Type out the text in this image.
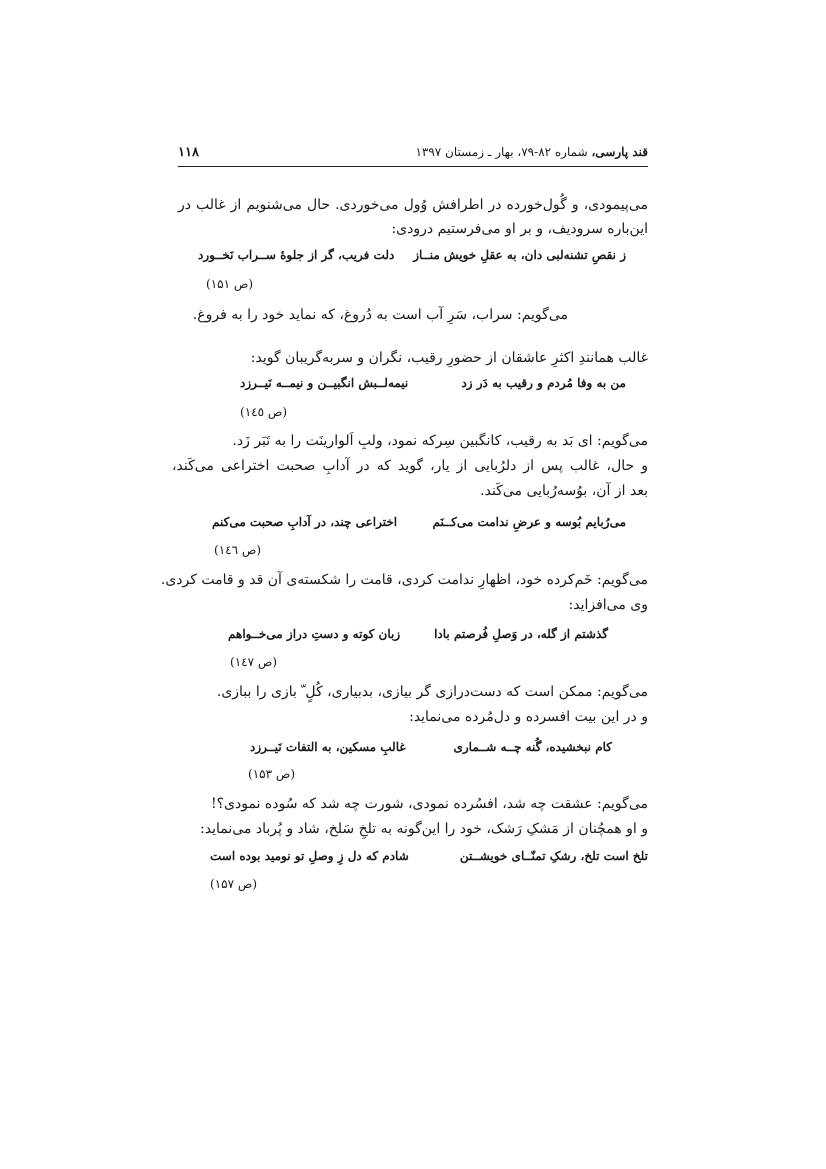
قند پارسی، شماره ۸۲-۷۹، بهار ـ زمستان ۱۳۹۷
۱۱۸
می‌پیمودی، و گُول‌خورده در اطرافش وُول می‌خوردی. حال می‌شنویم از غالب در
این‌باره سرودیف، و بر او می‌فرستیم درودی:
ز نقصِ تشنه‌لبی دان، به عقلِ خویش منــاز
دلت فریب، گر از جلوهٔ ســراب نَخــورد
(ص ۱۵۱)
می‌گویم: سراب، سَرِ آب است به دُروغ، که نماید خود را به فروغ.
غالب همانندِ اکثرِ عاشقان از حضورِ رقیب، نگران و سربه‌گریبان گوید:
من به وفا مُردم و رقیب به دَر زد
نیمه‌لــبش انگبیــن و نیمــه نَیــرزد
(ص ۱٤٥)
می‌گویم: ای بَد به رقیب، کانگبین سِرکه نمود، ولبِ اَلوارینَت را به تَبَر زَد.
و حال، غالب پس از دلرُبایی از یار، گوید که در آدابِ صحبت اختراعی می‌کَند،
بعد از آن، بوُسه‌رُبایی می‌کَند.
می‌رُبایم بُوسه و عرضِ ندامت می‌کــنَم
اختراعی چند، در آدابِ صحبت می‌کنم
(ص ۱٤٦)
می‌گویم: خَم‌کرده خود، اظهارِ ندامت کردی، قامت را شکسته‌ی آن قد و قامت کردی.
وی می‌افزاید:
گذشتم از گله، در وَصلِ فُرصتم بادا
زبان کوته و دستِ دراز می‌خــواهم
(ص ۱٤۷)
می‌گویم: ممکن است که دست‌درازی گر بیازی، بدبیاری، کُلٍ ّ بازی را ببازی.
و در این بیت افسرده و دل‌مُرده می‌نماید:
کام نبخشیده، گُنه چــه شــماری
غالبِ مسکین، به التفات نَیــرزد
(ص ۱۵۳)
می‌گویم: عشقت چه شد، افسُرده نمودی، شورت چه شد که سُوده نمودی؟!
و او همچُنان از مَشکِ رَشک، خود را این‌گونه به تلخِ سَلخ، شاد و پُرباد می‌نماید:
تلخ است تلخ، رشکِ تمنّــای خویشــتن
شادم که دل زِ وصلِ تو نومید بوده است
(ص ۱۵۷)
